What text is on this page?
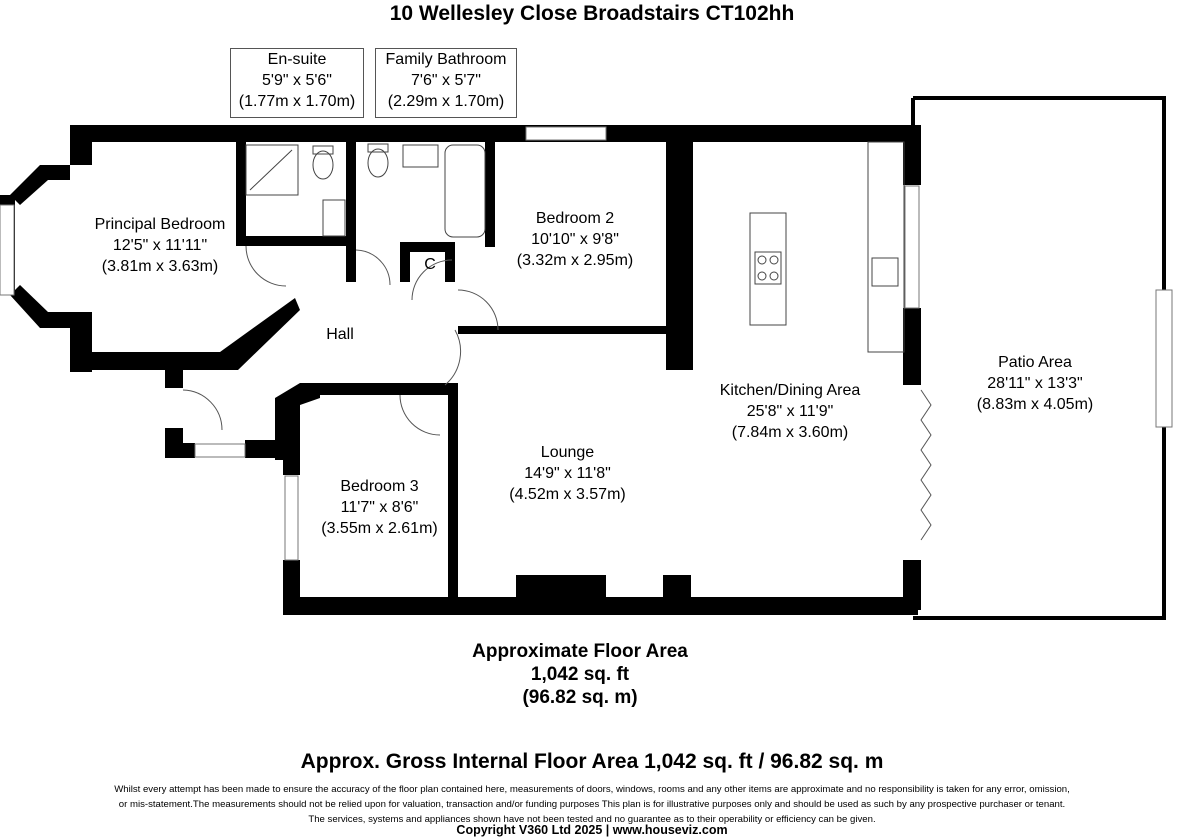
10 Wellesley Close Broadstairs CT102hh
En-suite
5'9" x 5'6"
(1.77m x 1.70m)
Family Bathroom
7'6" x 5'7"
(2.29m x 1.70m)
Principal Bedroom
12'5" x 11'11"
(3.81m x 3.63m)
Bedroom 2
10'10" x 9'8"
(3.32m x 2.95m)
C
Hall
Kitchen/Dining Area
25'8" x 11'9"
(7.84m x 3.60m)
Patio Area
28'11" x 13'3"
(8.83m x 4.05m)
Lounge
14'9" x 11'8"
(4.52m x 3.57m)
Bedroom 3
11'7" x 8'6"
(3.55m x 2.61m)
Approximate Floor Area
1,042 sq. ft
(96.82 sq. m)
Approx. Gross Internal Floor Area 1,042 sq. ft / 96.82 sq. m
Whilst every attempt has been made to ensure the accuracy of the floor plan contained here, measurements of doors, windows, rooms and any other items are approximate and no responsibility is taken for any error, omission,
or mis-statement.The measurements should not be relied upon for valuation, transaction and/or funding purposes This plan is for illustrative purposes only and should be used as such by any prospective purchaser or tenant.
The services, systems and appliances shown have not been tested and no guarantee as to their operability or efficiency can be given.
Copyright V360 Ltd 2025 | www.houseviz.com
